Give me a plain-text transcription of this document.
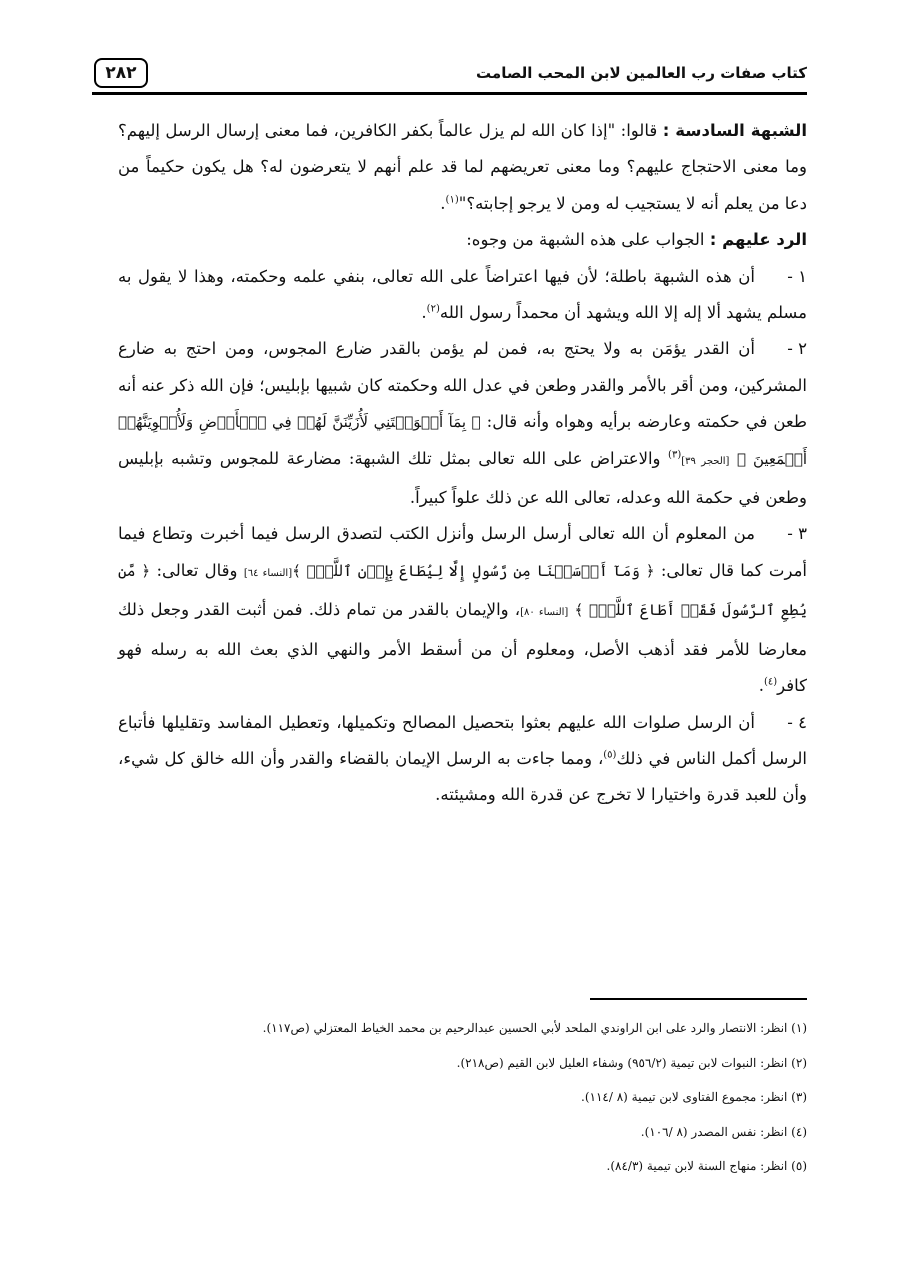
كتاب صفات رب العالمين لابن المحب الصامت
٢٨٢

الشبهة السادسة : قالوا: "إذا كان الله لم يزل عالماً بكفر الكافرين، فما معنى إرسال الرسل إليهم؟ وما معنى الاحتجاج عليهم؟ وما معنى تعريضهم لما قد علم أنهم لا يتعرضون له؟ هل يكون حكيماً من دعا من يعلم أنه لا يستجيب له ومن لا يرجو إجابته؟"$^{(١)}$.

الرد عليهم : الجواب على هذه الشبهة من وجوه:

١ -أن هذه الشبهة باطلة؛ لأن فيها اعتراضاً على الله تعالى، بنفي علمه وحكمته، وهذا لا يقول به مسلم يشهد ألا إله إلا الله ويشهد أن محمداً رسول الله$^{(٢)}$.

٢ -أن القدر يؤمَن به ولا يحتج به، فمن لم يؤمن بالقدر ضارع المجوس، ومن احتج به ضارع المشركين، ومن أقر بالأمر والقدر وطعن في عدل الله وحكمته كان شبيها بإبليس؛ فإن الله ذكر عنه أنه طعن في حكمته وعارضه برأيه وهواه وأنه قال: ﴿ بِمَآ أَغۡوَيۡتَنِي لَأُزَيِّنَنَّ لَهُمۡ فِي ٱلۡأَرۡضِ وَلَأُغۡوِيَنَّهُمۡ أَجۡمَعِينَ ﴾ [الحجر ٣٩]$^{(٣)}$ والاعتراض على الله تعالى بمثل تلك الشبهة: مضارعة للمجوس وتشبه بإبليس وطعن في حكمة الله وعدله، تعالى الله عن ذلك علواً كبيراً.

٣ -من المعلوم أن الله تعالى أرسل الرسل وأنزل الكتب لتصدق الرسل فيما أخبرت وتطاع فيما أمرت كما قال تعالى: ﴿ وَمَآ أَرۡسَلۡنَا مِن رَّسُولٍ إِلَّا لِيُطَاعَ بِإِذۡنِ ٱللَّهِۚ ﴾[النساء ٦٤] وقال تعالى: ﴿ مَّن يُطِعِ ٱلرَّسُولَ فَقَدۡ أَطَاعَ ٱللَّهَۖ ﴾ [النساء ٨٠]، والإيمان بالقدر من تمام ذلك. فمن أثبت القدر وجعل ذلك معارضا للأمر فقد أذهب الأصل، ومعلوم أن من أسقط الأمر والنهي الذي بعث الله به رسله فهو كافر$^{(٤)}$.

٤ -أن الرسل صلوات الله عليهم بعثوا بتحصيل المصالح وتكميلها، وتعطيل المفاسد وتقليلها فأتباع الرسل أكمل الناس في ذلك$^{(٥)}$، ومما جاءت به الرسل الإيمان بالقضاء والقدر وأن الله خالق كل شيء، وأن للعبد قدرة واختيارا لا تخرج عن قدرة الله ومشيئته.

(١) انظر: الانتصار والرد على ابن الراوندي الملحد لأبي الحسين عبدالرحيم بن محمد الخياط المعتزلي (ص١١٧).
(٢) انظر: النبوات لابن تيمية (٩٥٦/٢) وشفاء العليل لابن القيم (ص٢١٨).
(٣) انظر: مجموع الفتاوى لابن تيمية (٨ /١١٤).
(٤) انظر: نفس المصدر (٨ /١٠٦).
(٥) انظر: منهاج السنة لابن تيمية (٨٤/٣).
